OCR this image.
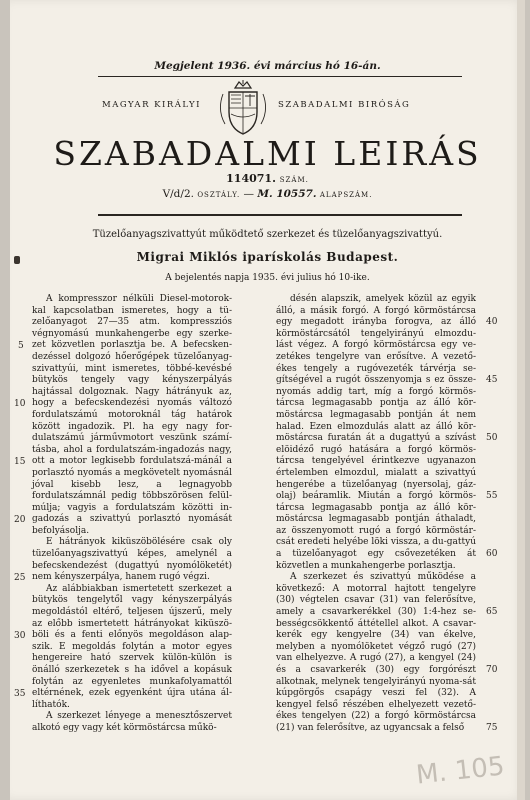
Megjelent 1936. évi március hó 16-án.
MAGYAR KIRÁLYI	SZABADALMI BIRÓSÁG
SZABADALMI LEIRÁS
114071. SZÁM.
V/d/2. OSZTÁLY. — M. 10557. ALAPSZÁM.
Tüzelőanyagszivattyút működtető szerkezet és tüzelőanyagszivattyú.
Migrai Miklós iparískolás Budapest.
A bejelentés napja 1935. évi julius hó 10-ike.

A kompresszor nélküli Diesel-motorok-kal kapcsolatban ismeretes, hogy a tü-zelőanyagot 27—35 atm. kompressziós végnyomású munkahengerbe egy szerke-zet közvetlen porlasztja be. A befecsken-dezéssel dolgozó hőerőgépek tüzelőanyag-szivattyúi, mint ismeretes, többé-kevésbé bütykös tengely vagy kényszerpályás hajtással dolgoznak. Nagy hátrányuk az, hogy a befecskendezési nyomás változó fordulatszámú motoroknál tág határok között ingadozik. Pl. ha egy nagy for-dulatszámú járművmotort veszünk számí-tásba, ahol a fordulatszám-ingadozás nagy, ott a motor legkisebb fordulatszá-mánál a porlasztó nyomás a megkövetelt nyomásnál jóval kisebb lesz, a legnagyobb fordulatszámnál pedig többszörösen felül-múlja; vagyis a fordulatszám közötti in-gadozás a szivattyú porlasztó nyomását befolyásolja.

E hátrányok kiküszöbölésére csak oly tüzelőanyagszivattyú képes, amelynél a befecskendezést (dugattyú nyomólöketét) nem kényszerpálya, hanem rugó végzi.

Az alábbiakban ismertetett szerkezet a bütykös tengelytől vagy kényszerpályás megoldástól eltérő, teljesen újszerű, mely az előbb ismertetett hátrányokat kiküszö-böli és a fenti előnyös megoldáson alap-szik. E megoldás folytán a motor egyes hengereire ható szervek külön-külön is önálló szerkezetek s ha idővel a kopásuk folytán az egyenletes munkafolyamattól eltérnének, ezek egyenként újra utána ál-líthatók.

A szerkezet lényege a menesztőszervet alkotó egy vagy két körmöstárcsa műkö-

désén alapszik, amelyek közül az egyik álló, a másik forgó. A forgó körmöstárcsa egy megadott irányba forogva, az álló körmöstárcsától tengelyirányú elmozdu-lást végez. A forgó körmöstárcsa egy ve-zetékes tengelyre van erősítve. A vezető-ékes tengely a rugóvezeték tárvérja se-gítségével a rugót összenyomja s ez össze-nyomás addig tart, míg a forgó körmös-tárcsa legmagasabb pontja az álló kör-möstárcsa legmagasabb pontján át nem halad. Ezen elmozdulás alatt az álló kör-möstárcsa furatán át a dugattyú a szívást elöidéző rugó hatására a forgó körmös-tárcsa tengelyével érintkezve ugyanazon értelemben elmozdul, mialatt a szivattyú hengerébe a tüzelőanyag (nyersolaj, gáz-olaj) beáramlik. Miután a forgó körmös-tárcsa legmagasabb pontja az álló kör-möstárcsa legmagasabb pontján áthaladt, az összenyomott rugó a forgó körmöstár-csát eredeti helyébe löki vissza, a du-gattyú a tüzelőanyagot egy csővezetéken át közvetlen a munkahengerbe porlasztja.

A szerkezet és szivattyú működése a következő: A motorral hajtott tengelyre (30) végtelen csavar (31) van felerősítve, amely a csavarkerékkel (30) 1:4-hez se-bességcsökkentő áttétellel alkot. A csavar-kerék egy kengyelre (34) van ékelve, melyben a nyomólöketet végző rugó (27) van elhelyezve. A rugó (27), a kengyel (24) és a csavarkerék (30) egy forgórészt alkotnak, melynek tengelyirányú nyoma-sát kúpgörgős csapágy veszi fel (32). A kengyel felső részében elhelyezett vezető-ékes tengelyen (22) a forgó körmöstárcsa (21) van felerősítve, az ugyancsak a felső

5
10
15
20
25
30
35
40
45
50
55
60
65
70
75
M. 105
